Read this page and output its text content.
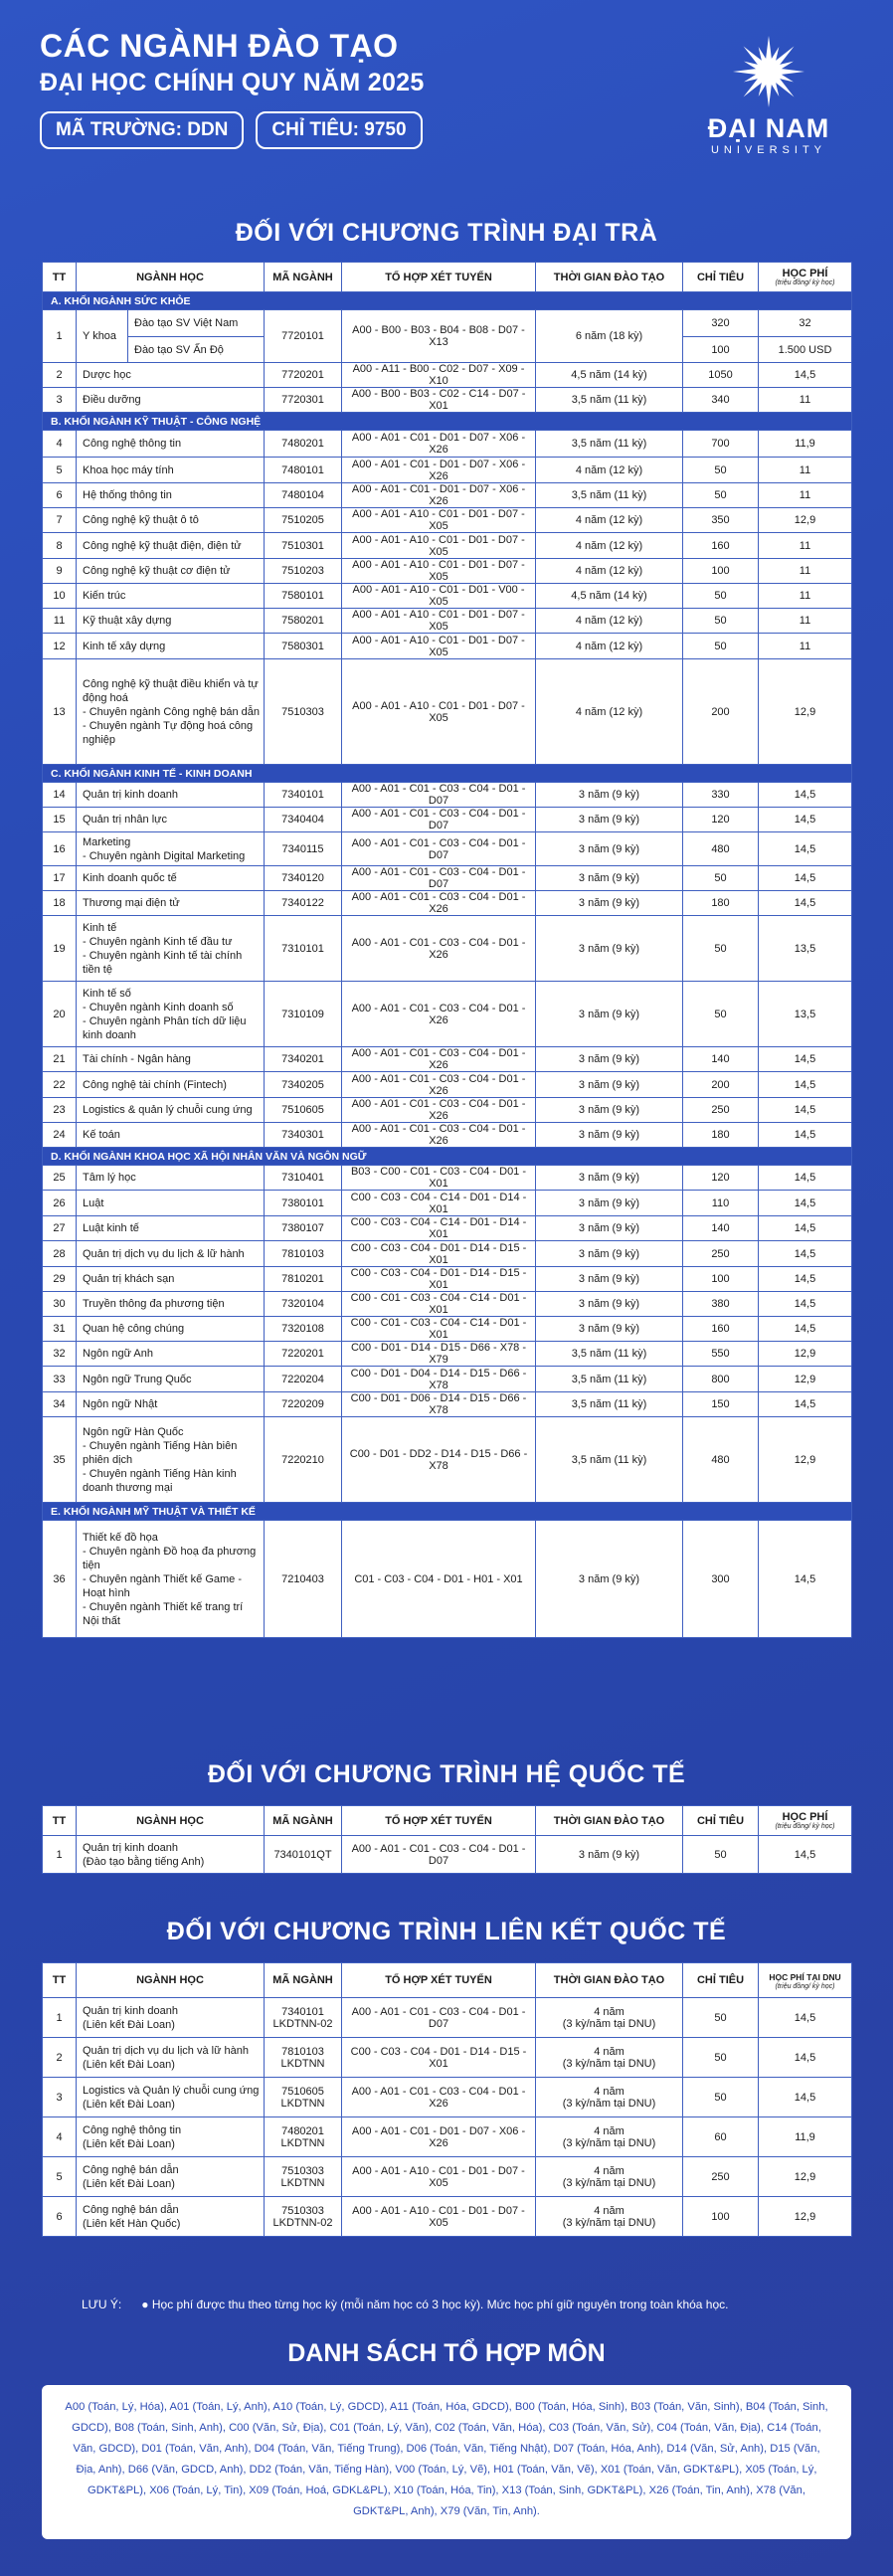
CÁC NGÀNH ĐÀO TẠO
ĐẠI HỌC CHÍNH QUY NĂM 2025
MÃ TRƯỜNG: DDN	CHỈ TIÊU: 9750	ĐẠI NAM
UNIVERSITY
ĐỐI VỚI CHƯƠNG TRÌNH ĐẠI TRÀ
TT	NGÀNH HỌC		MÃ NGÀNH	TỔ HỢP XÉT TUYỂN	THỜI GIAN ĐÀO TẠO	CHỈ TIÊU	HỌC PHÍ
(triệu đồng/ kỳ học)

A. KHỐI NGÀNH SỨC KHỎE							
1	Y khoa	Đào tạo SV Việt Nam	7720101	A00 - B00 - B03 - B04 - B08 - D07 - X13	6 năm (18 kỳ)	320	32
		Đào tạo SV Ấn Độ				100	1.500 USD
2	Dược học		7720201	A00 - A11 - B00 - C02 - D07 - X09 - X10	4,5 năm (14 kỳ)	1050	14,5
3	Điều dưỡng		7720301	A00 - B00 - B03 - C02 - C14 - D07 - X01	3,5 năm (11 kỳ)	340	11
B. KHỐI NGÀNH KỸ THUẬT - CÔNG NGHỆ							
4	Công nghệ thông tin		7480201	A00 - A01 - C01 - D01 - D07 - X06 - X26	3,5 năm (11 kỳ)	700	11,9
5	Khoa học máy tính		7480101	A00 - A01 - C01 - D01 - D07 - X06 - X26	4 năm (12 kỳ)	50	11
6	Hệ thống thông tin		7480104	A00 - A01 - C01 - D01 - D07 - X06 - X26	3,5 năm (11 kỳ)	50	11
7	Công nghệ kỹ thuật ô tô		7510205	A00 - A01 - A10 - C01 - D01 - D07 - X05	4 năm (12 kỳ)	350	12,9
8	Công nghệ kỹ thuật điện, điện tử		7510301	A00 - A01 - A10 - C01 - D01 - D07 - X05	4 năm (12 kỳ)	160	11
9	Công nghệ kỹ thuật cơ điện tử		7510203	A00 - A01 - A10 - C01 - D01 - D07 - X05	4 năm (12 kỳ)	100	11
10	Kiến trúc		7580101	A00 - A01 - A10 - C01 - D01 - V00 - X05	4,5 năm (14 kỳ)	50	11
11	Kỹ thuật xây dựng		7580201	A00 - A01 - A10 - C01 - D01 - D07 - X05	4 năm (12 kỳ)	50	11
12	Kinh tế xây dựng		7580301	A00 - A01 - A10 - C01 - D01 - D07 - X05	4 năm (12 kỳ)	50	11
13	Công nghệ kỹ thuật điều khiển và tự động hoá
- Chuyên ngành Công nghệ bán dẫn
- Chuyên ngành Tự động hoá công nghiệp		7510303	A00 - A01 - A10 - C01 - D01 - D07 - X05	4 năm (12 kỳ)	200	12,9
C. KHỐI NGÀNH KINH TẾ - KINH DOANH							
14	Quản trị kinh doanh		7340101	A00 - A01 - C01 - C03 - C04 - D01 - D07	3 năm (9 kỳ)	330	14,5
15	Quản trị nhân lực		7340404	A00 - A01 - C01 - C03 - C04 - D01 - D07	3 năm (9 kỳ)	120	14,5
16	Marketing
- Chuyên ngành Digital Marketing		7340115	A00 - A01 - C01 - C03 - C04 - D01 - D07	3 năm (9 kỳ)	480	14,5
17	Kinh doanh quốc tế		7340120	A00 - A01 - C01 - C03 - C04 - D01 - D07	3 năm (9 kỳ)	50	14,5
18	Thương mại điện tử		7340122	A00 - A01 - C01 - C03 - C04 - D01 - X26	3 năm (9 kỳ)	180	14,5
19	Kinh tế
- Chuyên ngành Kinh tế đầu tư
- Chuyên ngành Kinh tế tài chính tiền tệ		7310101	A00 - A01 - C01 - C03 - C04 - D01 - X26	3 năm (9 kỳ)	50	13,5
20	Kinh tế số
- Chuyên ngành Kinh doanh số
- Chuyên ngành Phân tích dữ liệu kinh doanh		7310109	A00 - A01 - C01 - C03 - C04 - D01 - X26	3 năm (9 kỳ)	50	13,5
21	Tài chính - Ngân hàng		7340201	A00 - A01 - C01 - C03 - C04 - D01 - X26	3 năm (9 kỳ)	140	14,5
22	Công nghệ tài chính (Fintech)		7340205	A00 - A01 - C01 - C03 - C04 - D01 - X26	3 năm (9 kỳ)	200	14,5
23	Logistics & quản lý chuỗi cung ứng		7510605	A00 - A01 - C01 - C03 - C04 - D01 - X26	3 năm (9 kỳ)	250	14,5
24	Kế toán		7340301	A00 - A01 - C01 - C03 - C04 - D01 - X26	3 năm (9 kỳ)	180	14,5
D. KHỐI NGÀNH KHOA HỌC XÃ HỘI NHÂN VĂN VÀ NGÔN NGỮ							
25	Tâm lý học		7310401	B03 - C00 - C01 - C03 - C04 - D01 - X01	3 năm (9 kỳ)	120	14,5
26	Luật		7380101	C00 - C03 - C04 - C14 - D01 - D14 - X01	3 năm (9 kỳ)	110	14,5
27	Luật kinh tế		7380107	C00 - C03 - C04 - C14 - D01 - D14 - X01	3 năm (9 kỳ)	140	14,5
28	Quản trị dịch vụ du lịch & lữ hành		7810103	C00 - C03 - C04 - D01 - D14 - D15 - X01	3 năm (9 kỳ)	250	14,5
29	Quản trị khách sạn		7810201	C00 - C03 - C04 - D01 - D14 - D15 - X01	3 năm (9 kỳ)	100	14,5
30	Truyền thông đa phương tiện		7320104	C00 - C01 - C03 - C04 - C14 - D01 - X01	3 năm (9 kỳ)	380	14,5
31	Quan hệ công chúng		7320108	C00 - C01 - C03 - C04 - C14 - D01 - X01	3 năm (9 kỳ)	160	14,5
32	Ngôn ngữ Anh		7220201	C00 - D01 - D14 - D15 - D66 - X78 - X79	3,5 năm (11 kỳ)	550	12,9
33	Ngôn ngữ Trung Quốc		7220204	C00 - D01 - D04 - D14 - D15 - D66 - X78	3,5 năm (11 kỳ)	800	12,9
34	Ngôn ngữ Nhật		7220209	C00 - D01 - D06 - D14 - D15 - D66 - X78	3,5 năm (11 kỳ)	150	14,5
35	Ngôn ngữ Hàn Quốc
- Chuyên ngành Tiếng Hàn biên phiên dịch
- Chuyên ngành Tiếng Hàn kinh doanh thương mại		7220210	C00 - D01 - DD2 - D14 - D15 - D66 - X78	3,5 năm (11 kỳ)	480	12,9
E. KHỐI NGÀNH MỸ THUẬT VÀ THIẾT KẾ							
36	Thiết kế đồ họa
- Chuyên ngành Đồ hoạ đa phương tiện
- Chuyên ngành Thiết kế Game - Hoạt hình
- Chuyên ngành Thiết kế trang trí Nội thất		7210403	C01 - C03 - C04 - D01 - H01 - X01	3 năm (9 kỳ)	300	14,5
ĐỐI VỚI CHƯƠNG TRÌNH HỆ QUỐC TẾ
TT	NGÀNH HỌC	MÃ NGÀNH	TỔ HỢP XÉT TUYỂN	THỜI GIAN ĐÀO TẠO	CHỈ TIÊU	HỌC PHÍ
(triệu đồng/ kỳ học)

1	Quản trị kinh doanh
(Đào tạo bằng tiếng Anh)	7340101QT	A00 - A01 - C01 - C03 - C04 - D01 - D07	3 năm (9 kỳ)	50	14,5
ĐỐI VỚI CHƯƠNG TRÌNH LIÊN KẾT QUỐC TẾ
TT	NGÀNH HỌC	MÃ NGÀNH	TỔ HỢP XÉT TUYỂN	THỜI GIAN ĐÀO TẠO	CHỈ TIÊU	HỌC PHÍ TẠI DNU
(triệu đồng/ kỳ học)

1	Quản trị kinh doanh
(Liên kết Đài Loan)	7340101
LKDTNN-02	A00 - A01 - C01 - C03 - C04 - D01 - D07	4 năm
(3 kỳ/năm tại DNU)	50	14,5
2	Quản trị dịch vụ du lịch và lữ hành
(Liên kết Đài Loan)	7810103
LKDTNN	C00 - C03 - C04 - D01 - D14 - D15 - X01	4 năm
(3 kỳ/năm tại DNU)	50	14,5
3	Logistics và Quản lý chuỗi cung ứng
(Liên kết Đài Loan)	7510605
LKDTNN	A00 - A01 - C01 - C03 - C04 - D01 - X26	4 năm
(3 kỳ/năm tại DNU)	50	14,5
4	Công nghệ thông tin
(Liên kết Đài Loan)	7480201
LKDTNN	A00 - A01 - C01 - D01 - D07 - X06 - X26	4 năm
(3 kỳ/năm tại DNU)	60	11,9
5	Công nghệ bán dẫn
(Liên kết Đài Loan)	7510303
LKDTNN	A00 - A01 - A10 - C01 - D01 - D07 - X05	4 năm
(3 kỳ/năm tại DNU)	250	12,9
6	Công nghệ bán dẫn
(Liên kết Hàn Quốc)	7510303
LKDTNN-02	A00 - A01 - A10 - C01 - D01 - D07 - X05	4 năm
(3 kỳ/năm tại DNU)	100	12,9
LƯU Ý: ● Học phí được thu theo từng học kỳ (mỗi năm học có 3 học kỳ). Mức học phí giữ nguyên trong toàn khóa học.
DANH SÁCH TỔ HỢP MÔN
A00 (Toán, Lý, Hóa), A01 (Toán, Lý, Anh), A10 (Toán, Lý, GDCD), A11 (Toán, Hóa, GDCD), B00 (Toán, Hóa, Sinh), B03 (Toán, Văn, Sinh), B04 (Toán, Sinh, GDCD), B08 (Toán, Sinh, Anh), C00 (Văn, Sử, Địa), C01 (Toán, Lý, Văn), C02 (Toán, Văn, Hóa), C03 (Toán, Văn, Sử), C04 (Toán, Văn, Địa), C14 (Toán, Văn, GDCD), D01 (Toán, Văn, Anh), D04 (Toán, Văn, Tiếng Trung), D06 (Toán, Văn, Tiếng Nhật), D07 (Toán, Hóa, Anh), D14 (Văn, Sử, Anh), D15 (Văn, Địa, Anh), D66 (Văn, GDCD, Anh), DD2 (Toán, Văn, Tiếng Hàn), V00 (Toán, Lý, Vẽ), H01 (Toán, Văn, Vẽ), X01 (Toán, Văn, GDKT&PL), X05 (Toán, Lý, GDKT&PL), X06 (Toán, Lý, Tin), X09 (Toán, Hoá, GDKL&PL), X10 (Toán, Hóa, Tin), X13 (Toán, Sinh, GDKT&PL), X26 (Toán, Tin, Anh), X78 (Văn, GDKT&PL, Anh), X79 (Văn, Tin, Anh).
